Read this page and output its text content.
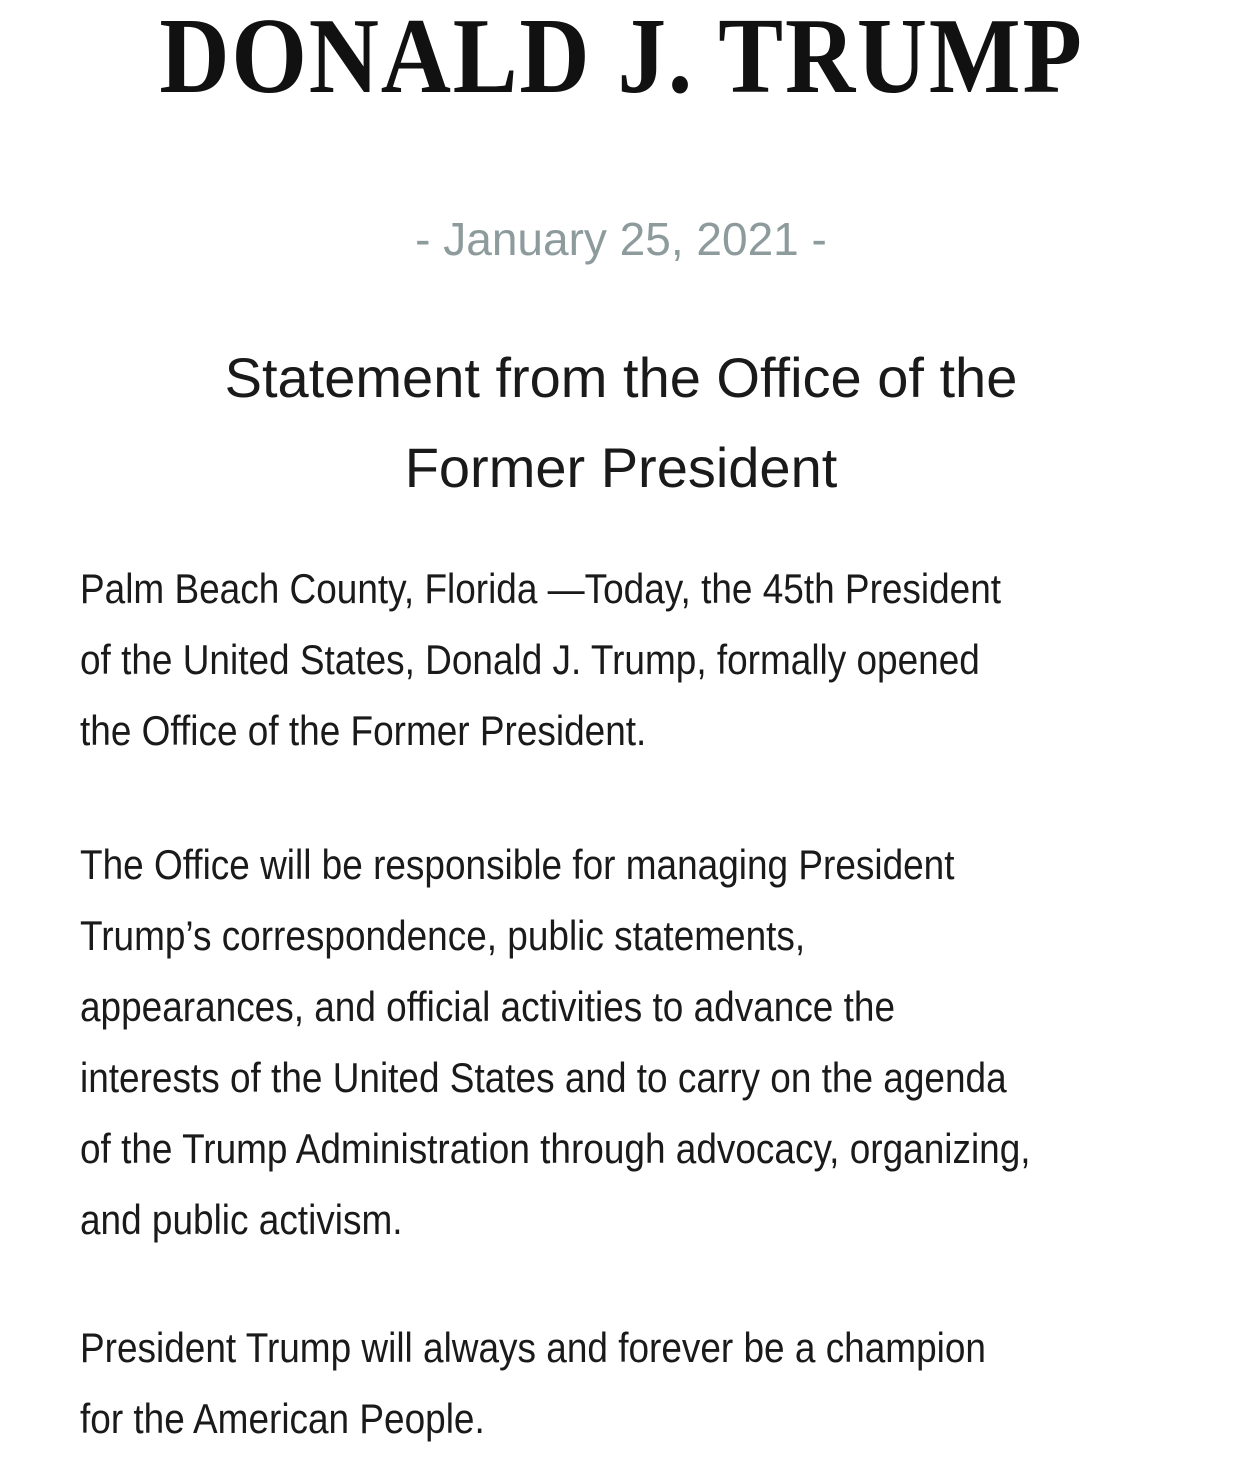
DONALD J. TRUMP
- January 25, 2021 -
Statement from the Office of the
Former President

Palm Beach County, Florida —Today, the 45th President
of the United States, Donald J. Trump, formally opened
the Office of the Former President.

The Office will be responsible for managing President
Trump’s correspondence, public statements,
appearances, and official activities to advance the
interests of the United States and to carry on the agenda
of the Trump Administration through advocacy, organizing,
and public activism.

President Trump will always and forever be a champion
for the American People.
